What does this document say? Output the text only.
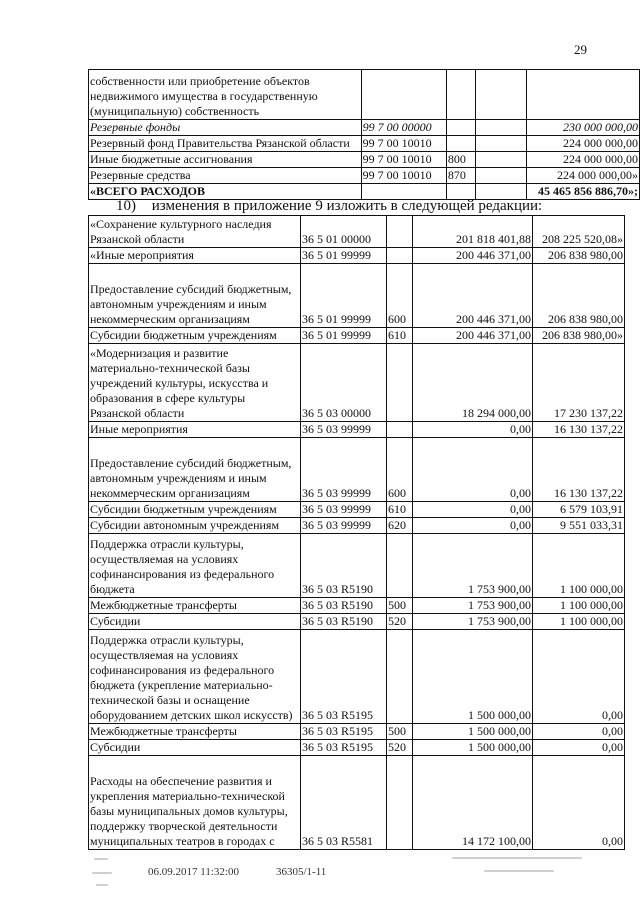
29
собственности или приобретение объектов недвижимого имущества в государственную (муниципальную) собственность				
Резервные фонды	99 7 00 00000			230 000 000,00
Резервный фонд Правительства Рязанской области	99 7 00 10010			224 000 000,00
Иные бюджетные ассигнования	99 7 00 10010	800		224 000 000,00
Резервные средства	99 7 00 10010	870		224 000 000,00»
«ВСЕГО РАСХОДОВ				45 465 856 886,70»;
10) изменения в приложение 9 изложить в следующей редакции:
«Сохранение культурного наследия Рязанской области	36 5 01 00000		201 818 401,88	208 225 520,08»
«Иные мероприятия	36 5 01 99999		200 446 371,00	206 838 980,00
Предоставление субсидий бюджетным, автономным учреждениям и иным некоммерческим организациям	36 5 01 99999	600	200 446 371,00	206 838 980,00
Субсидии бюджетным учреждениям	36 5 01 99999	610	200 446 371,00	206 838 980,00»
«Модернизация и развитие материально-технической базы учреждений культуры, искусства и образования в сфере культуры Рязанской области	36 5 03 00000		18 294 000,00	17 230 137,22
Иные мероприятия	36 5 03 99999		0,00	16 130 137,22
Предоставление субсидий бюджетным, автономным учреждениям и иным некоммерческим организациям	36 5 03 99999	600	0,00	16 130 137,22
Субсидии бюджетным учреждениям	36 5 03 99999	610	0,00	6 579 103,91
Субсидии автономным учреждениям	36 5 03 99999	620	0,00	9 551 033,31
Поддержка отрасли культуры, осуществляемая на условиях софинансирования из федерального бюджета	36 5 03 R5190		1 753 900,00	1 100 000,00
Межбюджетные трансферты	36 5 03 R5190	500	1 753 900,00	1 100 000,00
Субсидии	36 5 03 R5190	520	1 753 900,00	1 100 000,00
Поддержка отрасли культуры, осуществляемая на условиях софинансирования из федерального бюджета (укрепление материально-технической базы и оснащение оборудованием детских школ искусств)	36 5 03 R5195		1 500 000,00	0,00
Межбюджетные трансферты	36 5 03 R5195	500	1 500 000,00	0,00
Субсидии	36 5 03 R5195	520	1 500 000,00	0,00
Расходы на обеспечение развития и укрепления материально-технической базы муниципальных домов культуры, поддержку творческой деятельности муниципальных театров в городах с	36 5 03 R5581		14 172 100,00	0,00
06.09.2017 11:32:00	36305/1-11
